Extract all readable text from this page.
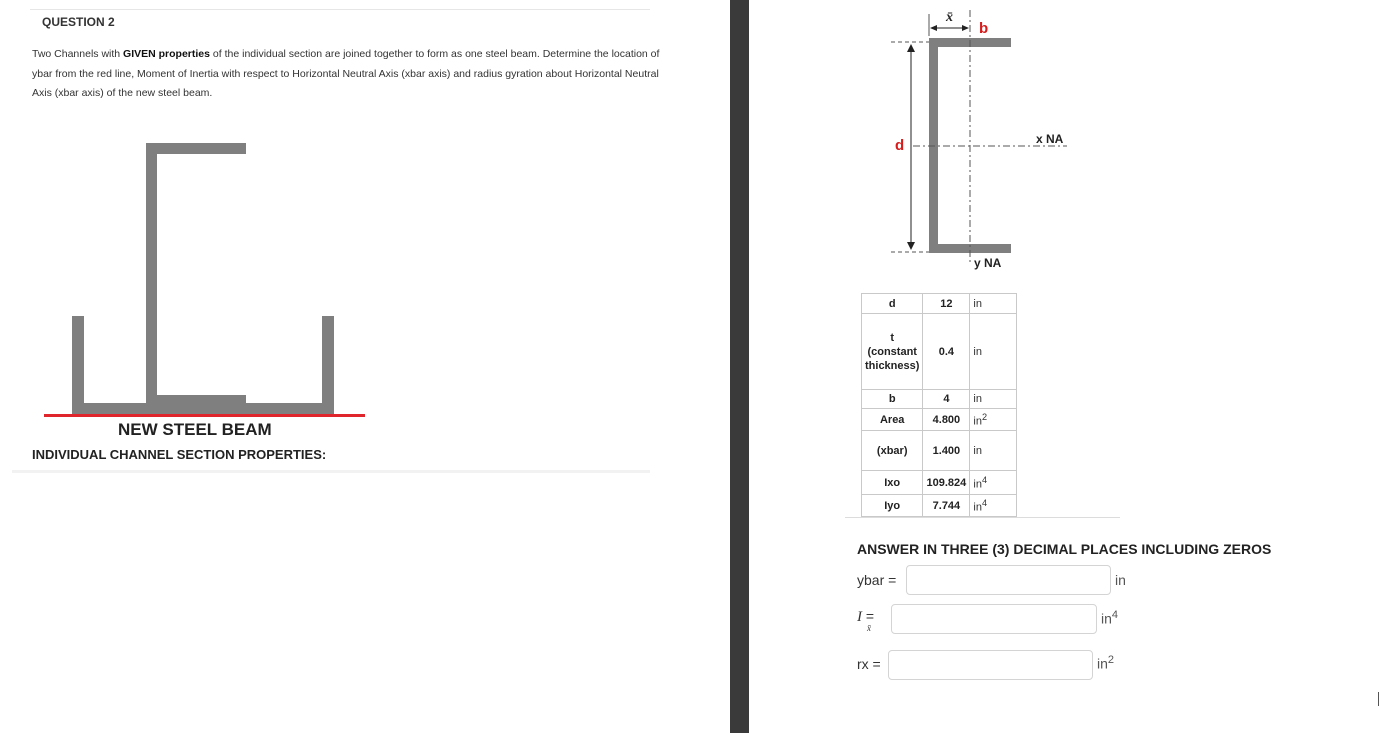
QUESTION 2
Two Channels with GIVEN properties of the individual section are joined together to form as one steel beam. Determine the location of ybar from the red line, Moment of Inertia with respect to Horizontal Neutral Axis (xbar axis) and radius gyration about Horizontal Neutral Axis (xbar axis) of the new steel beam.
NEW STEEL BEAM
INDIVIDUAL CHANNEL SECTION PROPERTIES:
x̄
b
d	x NA
y NA
d	12	in
t (constant thickness)	0.4	in
b	4	in
Area	4.800	$in^2$
(xbar)	1.400	in
Ixo	109.824	$in^4$
Iyo	7.744	$in^4$
ANSWER IN THREE (3) DECIMAL PLACES INCLUDING ZEROS
ybar =	in
I
x̄
=	$in^4$
rx =	$in^2$
